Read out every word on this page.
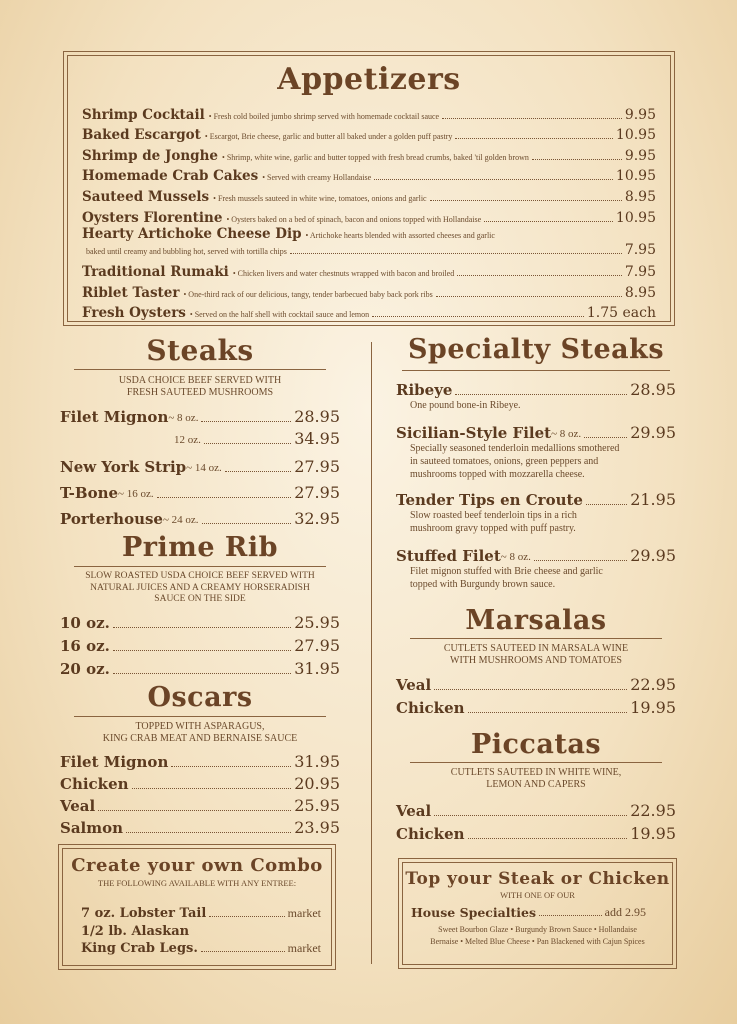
Appetizers
Shrimp Cocktail • Fresh cold boiled jumbo shrimp served with homemade cocktail sauce	9.95
Baked Escargot • Escargot, Brie cheese, garlic and butter all baked under a golden puff pastry	10.95
Shrimp de Jonghe • Shrimp, white wine, garlic and butter topped with fresh bread crumbs, baked 'til golden brown	9.95
Homemade Crab Cakes • Served with creamy Hollandaise	10.95
Sauteed Mussels • Fresh mussels sauteed in white wine, tomatoes, onions and garlic	8.95
Oysters Florentine • Oysters baked on a bed of spinach, bacon and onions topped with Hollandaise	10.95
Hearty Artichoke Cheese Dip • Artichoke hearts blended with assorted cheeses and garlic
baked until creamy and bubbling hot, served with tortilla chips	7.95
Traditional Rumaki • Chicken livers and water chestnuts wrapped with bacon and broiled	7.95
Riblet Taster • One-third rack of our delicious, tangy, tender barbecued baby back pork ribs	8.95
Fresh Oysters • Served on the half shell with cocktail sauce and lemon	1.75 each
Steaks
USDA CHOICE BEEF SERVED WITH
FRESH SAUTEED MUSHROOMS
Filet Mignon ~ 8 oz.	28.95
12 oz.	34.95
New York Strip ~ 14 oz.	27.95
T-Bone ~ 16 oz.	27.95
Porterhouse ~ 24 oz.	32.95
Prime Rib
SLOW ROASTED USDA CHOICE BEEF SERVED WITH
NATURAL JUICES AND A CREAMY HORSERADISH
SAUCE ON THE SIDE
10 oz.	25.95
16 oz.	27.95
20 oz.	31.95
Oscars
TOPPED WITH ASPARAGUS,
KING CRAB MEAT AND BERNAISE SAUCE
Filet Mignon	31.95
Chicken	20.95
Veal	25.95
Salmon	23.95
Create your own Combo
THE FOLLOWING AVAILABLE WITH ANY ENTREE:
7 oz. Lobster Tail	market
1/2 lb. Alaskan
King Crab Legs.	market
Specialty Steaks
Ribeye	28.95
One pound bone-in Ribeye.
Sicilian-Style Filet ~ 8 oz.	29.95
Specially seasoned tenderloin medallions smothered
in sauteed tomatoes, onions, green peppers and
mushrooms topped with mozzarella cheese.
Tender Tips en Croute	21.95
Slow roasted beef tenderloin tips in a rich
mushroom gravy topped with puff pastry.
Stuffed Filet ~ 8 oz.	29.95
Filet mignon stuffed with Brie cheese and garlic
topped with Burgundy brown sauce.
Marsalas
CUTLETS SAUTEED IN MARSALA WINE
WITH MUSHROOMS AND TOMATOES
Veal	22.95
Chicken	19.95
Piccatas
CUTLETS SAUTEED IN WHITE WINE,
LEMON AND CAPERS
Veal	22.95
Chicken	19.95
Top your Steak or Chicken
WITH ONE OF OUR
House Specialties	add 2.95
Sweet Bourbon Glaze • Burgundy Brown Sauce • Hollandaise
Bernaise • Melted Blue Cheese • Pan Blackened with Cajun Spices
